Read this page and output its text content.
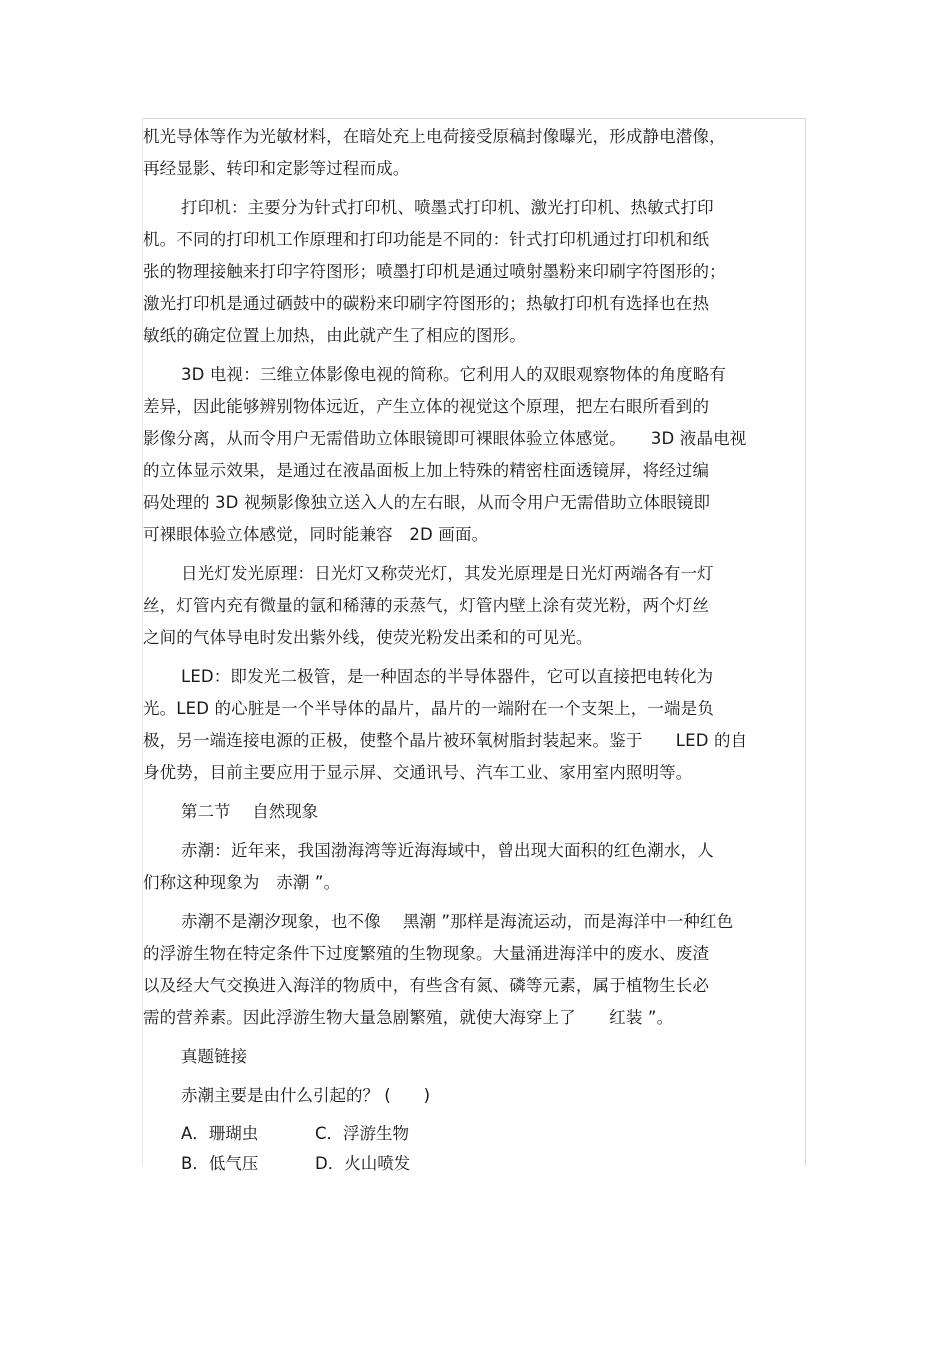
机光导体等作为光敏材料，在暗处充上电荷接受原稿封像曝光，形成静电潜像，
再经显影、转印和定影等过程而成。

打印机：主要分为针式打印机、喷墨式打印机、激光打印机、热敏式打印
机。不同的打印机工作原理和打印功能是不同的：针式打印机通过打印机和纸
张的物理接触来打印字符图形；喷墨打印机是通过喷射墨粉来印刷字符图形的；
激光打印机是通过硒鼓中的碳粉来印刷字符图形的；热敏打印机有选择也在热
敏纸的确定位置上加热，由此就产生了相应的图形。

3D 电视：三维立体影像电视的简称。它利用人的双眼观察物体的角度略有
差异，因此能够辨别物体远近，产生立体的视觉这个原理，把左右眼所看到的
影像分离，从而令用户无需借助立体眼镜即可裸眼体验立体感觉。　　3D 液晶电视
的立体显示效果，是通过在液晶面板上加上特殊的精密柱面透镜屏，将经过编
码处理的 3D 视频影像独立送入人的左右眼，从而令用户无需借助立体眼镜即
可裸眼体验立体感觉，同时能兼容　2D 画面。

日光灯发光原理：日光灯又称荧光灯，其发光原理是日光灯两端各有一灯
丝，灯管内充有微量的氩和稀薄的汞蒸气，灯管内壁上涂有荧光粉，两个灯丝
之间的气体导电时发出紫外线，使荧光粉发出柔和的可见光。

LED：即发光二极管，是一种固态的半导体器件，它可以直接把电转化为
光。LED 的心脏是一个半导体的晶片，晶片的一端附在一个支架上，一端是负
极，另一端连接电源的正极，使整个晶片被环氧树脂封装起来。鉴于　　LED 的自
身优势，目前主要应用于显示屏、交通讯号、汽车工业、家用室内照明等。

第二节　 自然现象

赤潮：近年来，我国渤海湾等近海海域中，曾出现大面积的红色潮水，人
们称这种现象为　赤潮 ”。

赤潮不是潮汐现象，也不像　 黑潮 ”那样是海流运动，而是海洋中一种红色
的浮游生物在特定条件下过度繁殖的生物现象。大量涌进海洋中的废水、废渣
以及经大气交换进入海洋的物质中，有些含有氮、磷等元素，属于植物生长必
需的营养素。因此浮游生物大量急剧繁殖，就使大海穿上了　　红装 ”。

真题链接

赤潮主要是由什么引起的？ (　　)

A．珊瑚虫	C．浮游生物
B．低气压	D．火山喷发
